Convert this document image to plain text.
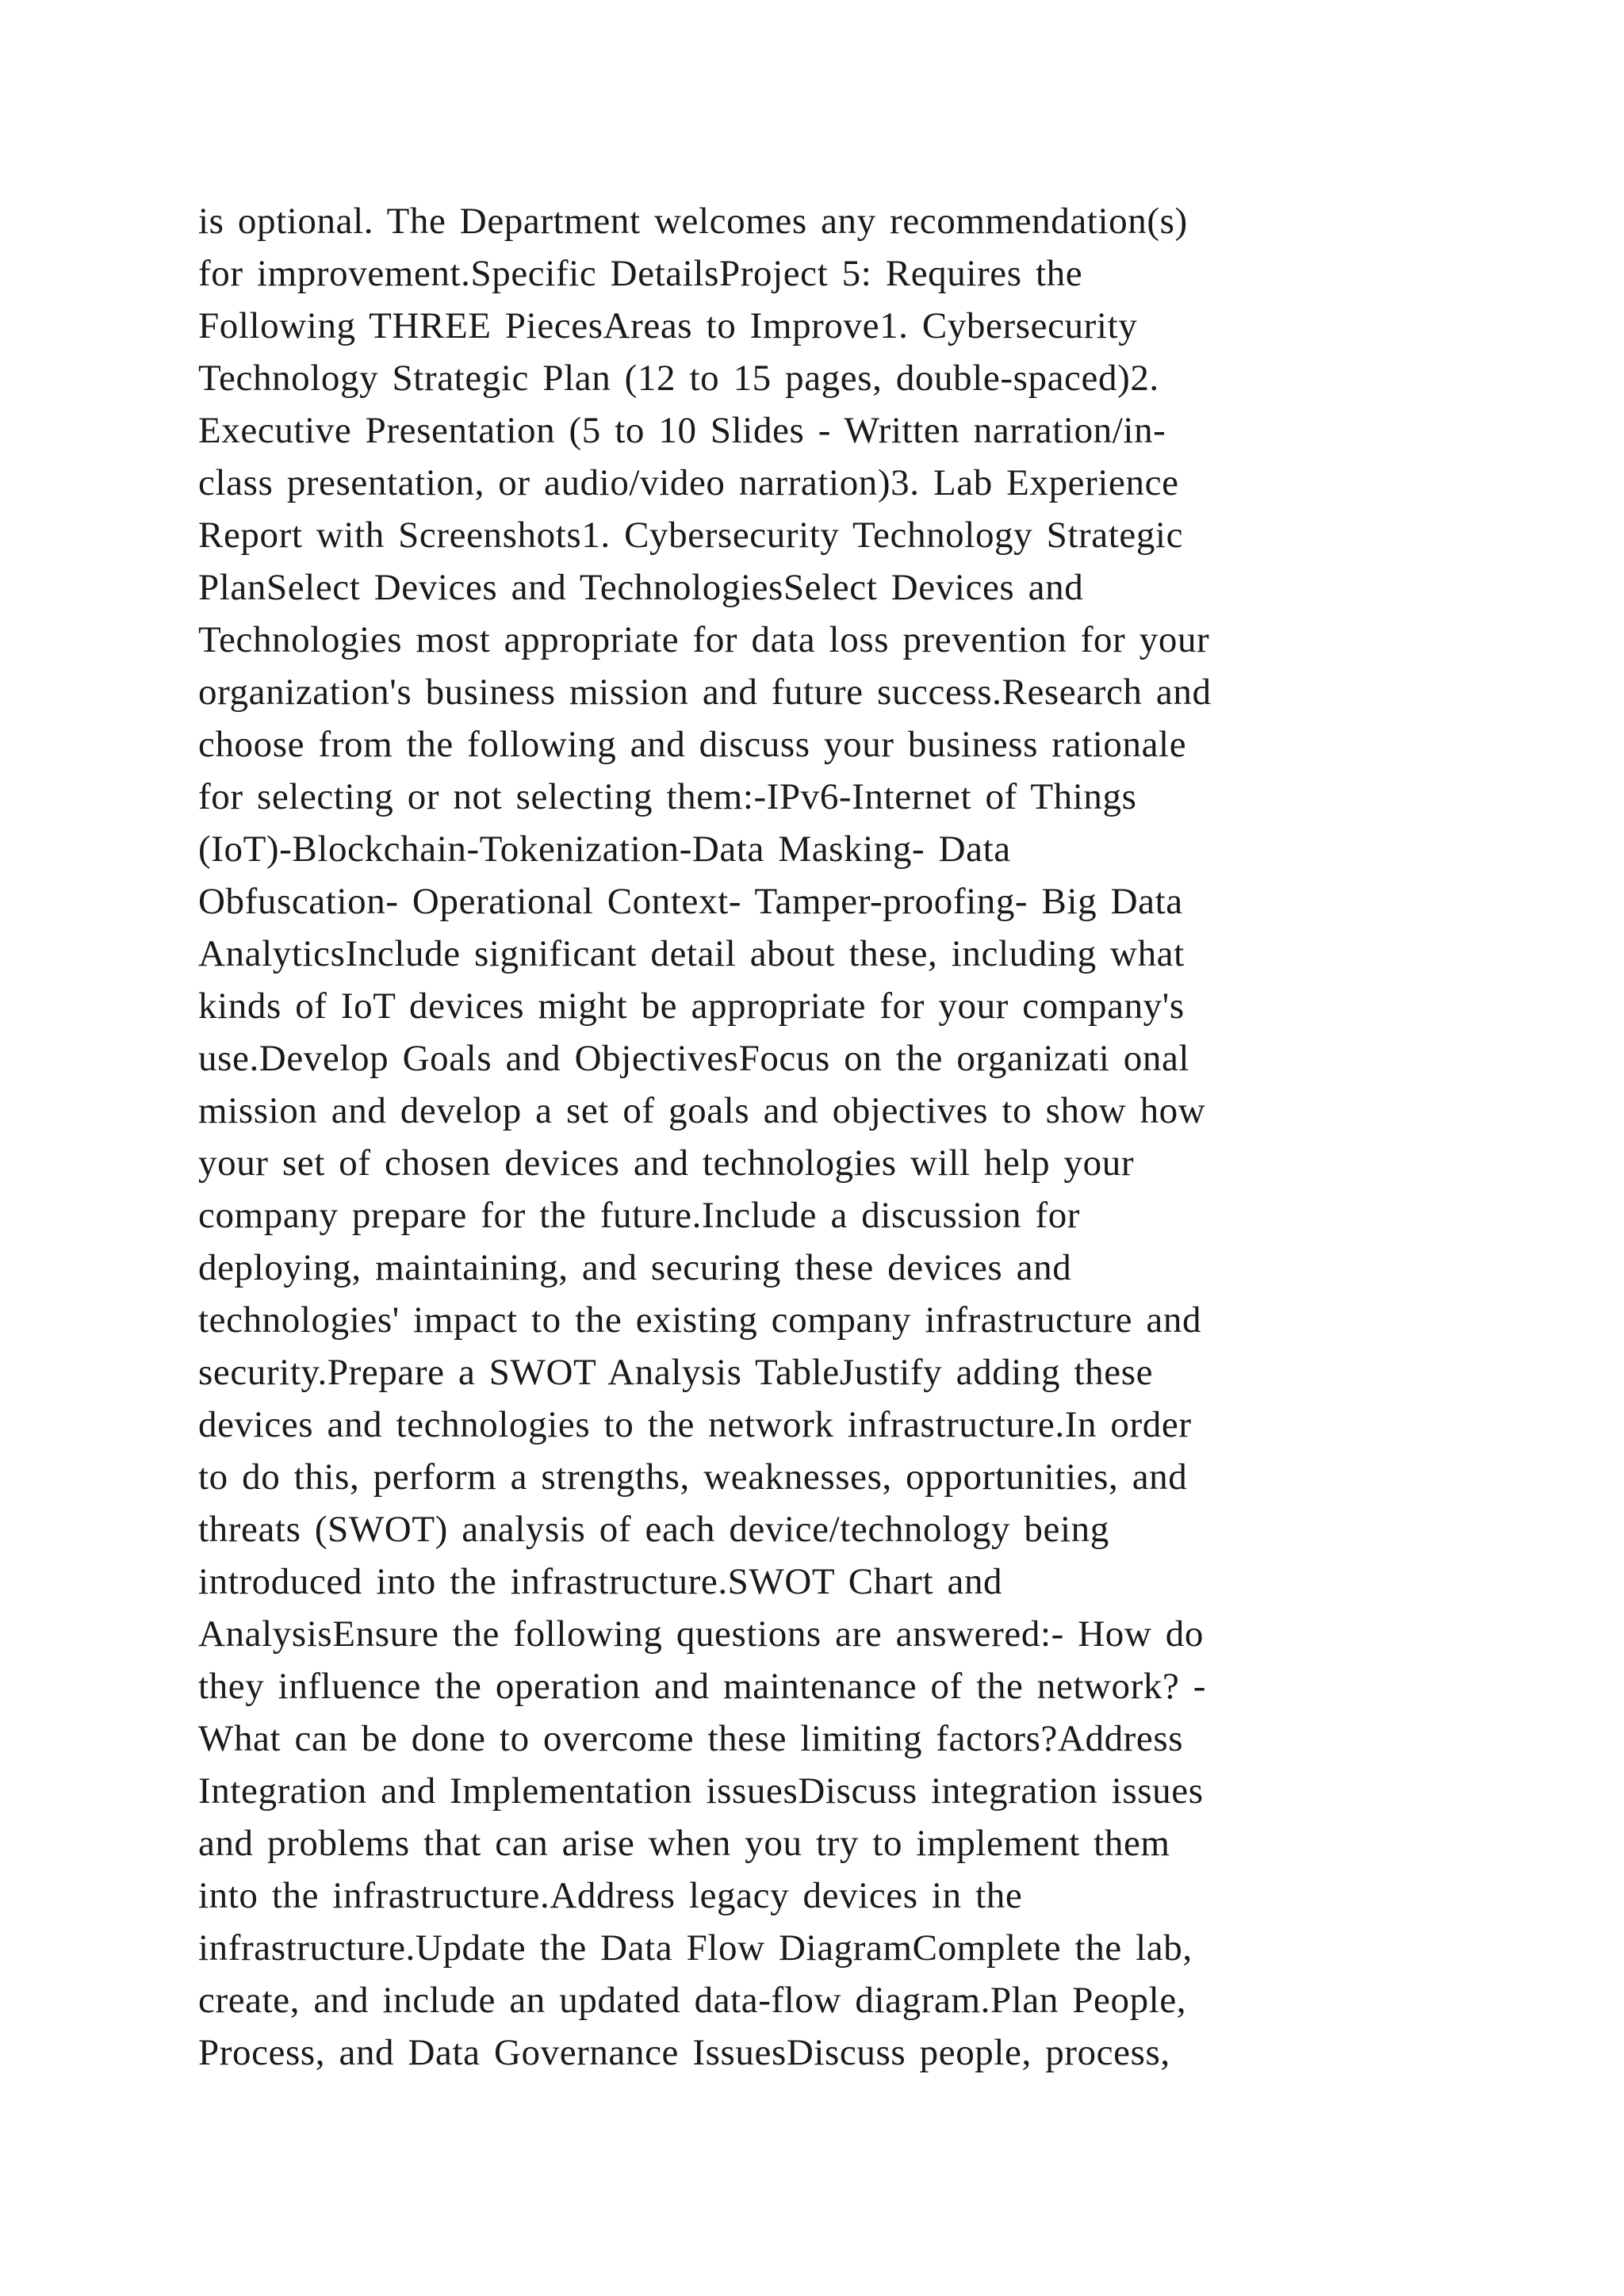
is optional. The Department welcomes any recommendation(s)
for improvement.Specific DetailsProject 5: Requires the
Following THREE PiecesAreas to Improve1. Cybersecurity
Technology Strategic Plan (12 to 15 pages, double-spaced)2.
Executive Presentation (5 to 10 Slides - Written narration/in-
class presentation, or audio/video narration)3. Lab Experience
Report with Screenshots1. Cybersecurity Technology Strategic
PlanSelect Devices and TechnologiesSelect Devices and
Technologies most appropriate for data loss prevention for your
organization's business mission and future success.Research and
choose from the following and discuss your business rationale
for selecting or not selecting them:-IPv6-Internet of Things
(IoT)-Blockchain-Tokenization-Data Masking- Data
Obfuscation- Operational Context- Tamper-proofing- Big Data
AnalyticsInclude significant detail about these, including what
kinds of IoT devices might be appropriate for your company's
use.Develop Goals and ObjectivesFocus on the organizati onal
mission and develop a set of goals and objectives to show how
your set of chosen devices and technologies will help your
company prepare for the future.Include a discussion for
deploying, maintaining, and securing these devices and
technologies' impact to the existing company infrastructure and
security.Prepare a SWOT Analysis TableJustify adding these
devices and technologies to the network infrastructure.In order
to do this, perform a strengths, weaknesses, opportunities, and
threats (SWOT) analysis of each device/technology being
introduced into the infrastructure.SWOT Chart and
AnalysisEnsure the following questions are answered:- How do
they influence the operation and maintenance of the network? -
What can be done to overcome these limiting factors?Address
Integration and Implementation issuesDiscuss integration issues
and problems that can arise when you try to implement them
into the infrastructure.Address legacy devices in the
infrastructure.Update the Data Flow DiagramComplete the lab,
create, and include an updated data-flow diagram.Plan People,
Process, and Data Governance IssuesDiscuss people, process,
